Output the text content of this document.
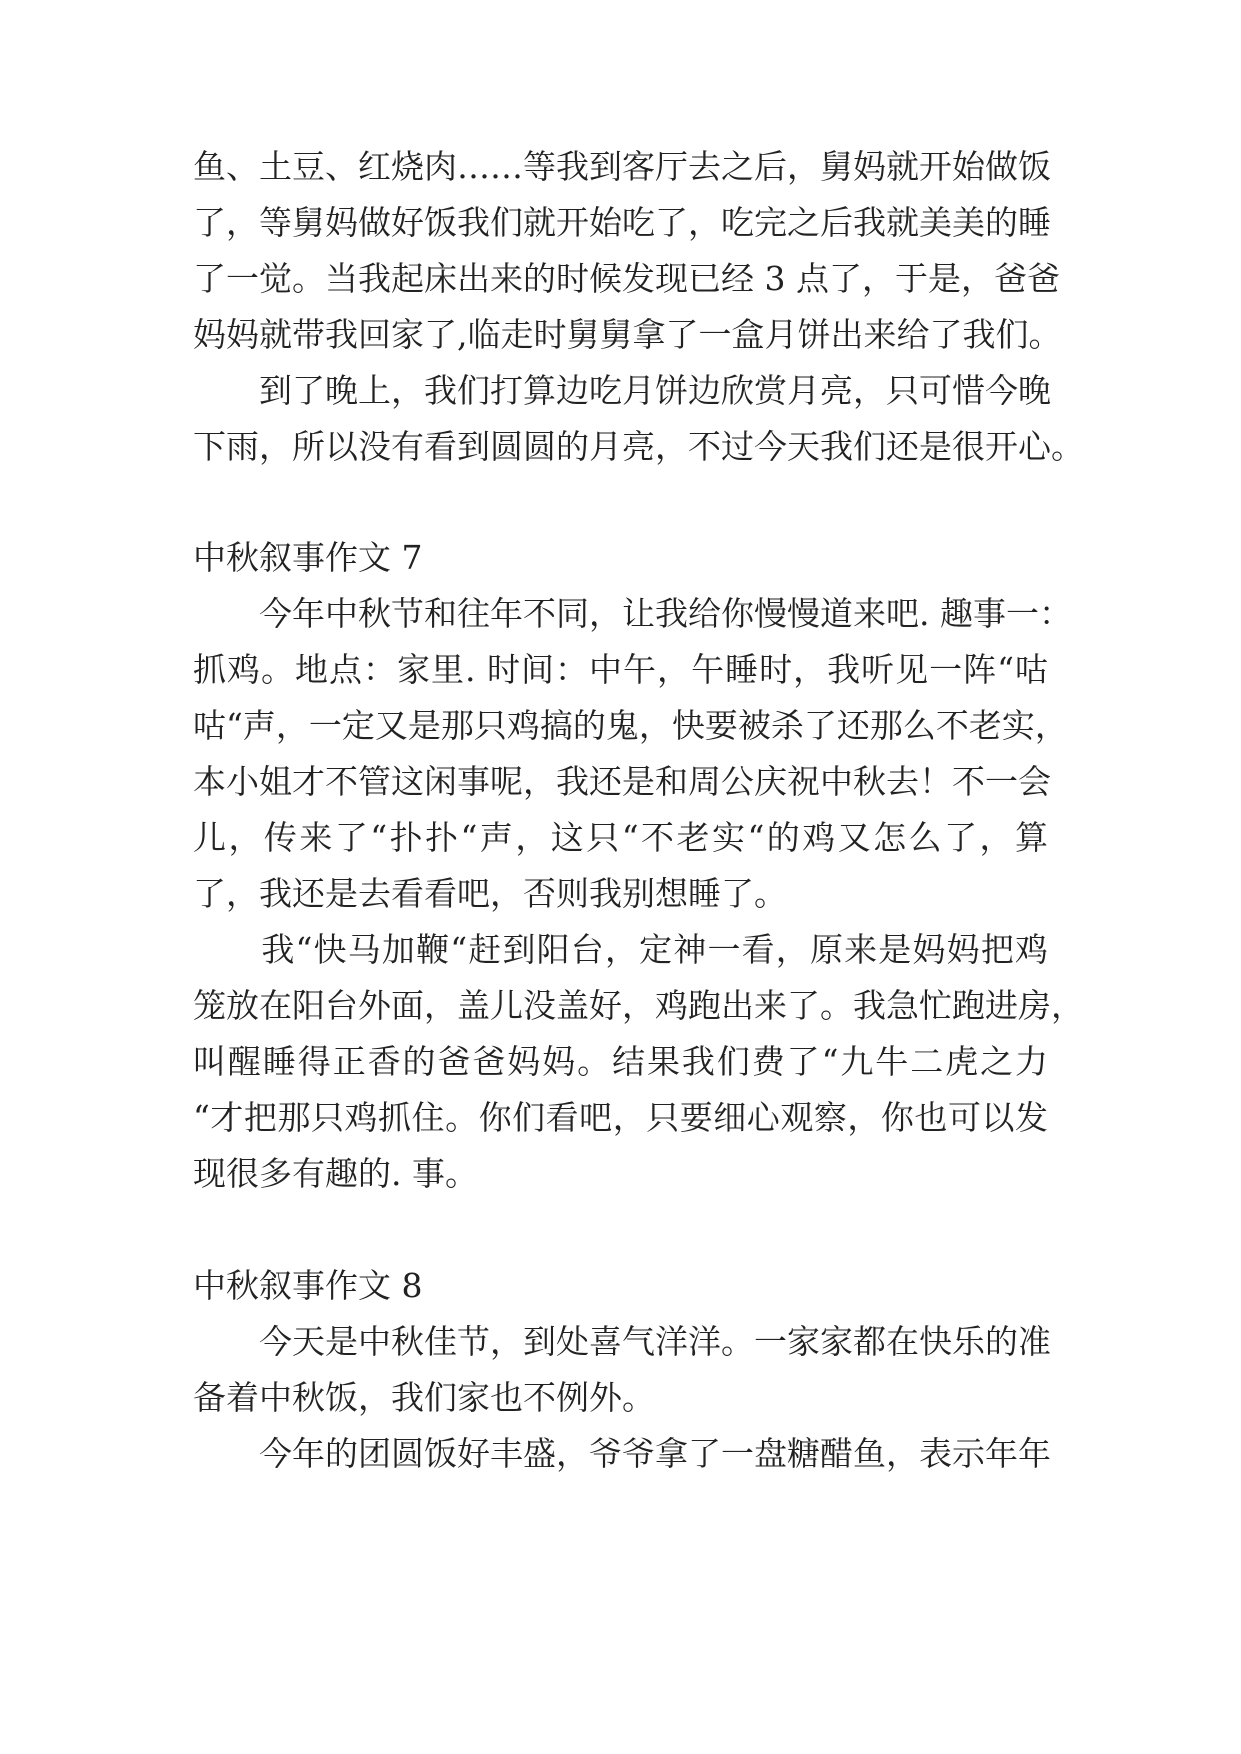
鱼、土豆、红烧肉……等我到客厅去之后，舅妈就开始做饭
了，等舅妈做好饭我们就开始吃了，吃完之后我就美美的睡
了一觉。当我起床出来的时候发现已经 3 点了，于是，爸爸
妈妈就带我回家了,临走时舅舅拿了一盒月饼出来给了我们。
　　到了晚上，我们打算边吃月饼边欣赏月亮，只可惜今晚
下雨，所以没有看到圆圆的月亮，不过今天我们还是很开心。
中秋叙事作文 7
　　今年中秋节和往年不同，让我给你慢慢道来吧. 趣事一：
抓鸡。地点：家里. 时间：中午，午睡时，我听见一阵“咕
咕“声，一定又是那只鸡搞的鬼，快要被杀了还那么不老实，
本小姐才不管这闲事呢，我还是和周公庆祝中秋去！不一会
儿，传来了“扑扑“声，这只“不老实“的鸡又怎么了，算
了，我还是去看看吧，否则我别想睡了。
　　我“快马加鞭“赶到阳台，定神一看，原来是妈妈把鸡
笼放在阳台外面，盖儿没盖好，鸡跑出来了。我急忙跑进房，
叫醒睡得正香的爸爸妈妈。结果我们费了“九牛二虎之力
“才把那只鸡抓住。你们看吧，只要细心观察，你也可以发
现很多有趣的. 事。
中秋叙事作文 8
　　今天是中秋佳节，到处喜气洋洋。一家家都在快乐的准
备着中秋饭，我们家也不例外。
　　今年的团圆饭好丰盛，爷爷拿了一盘糖醋鱼，表示年年
